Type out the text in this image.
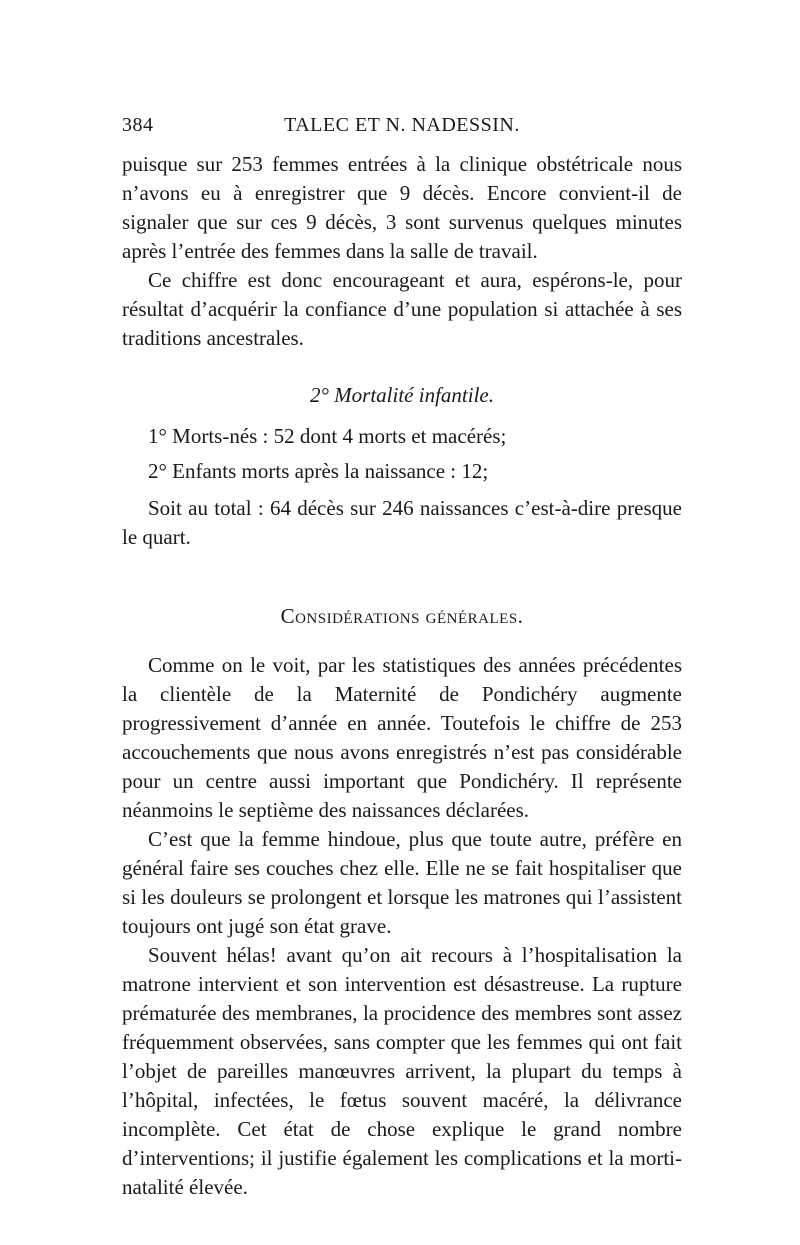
384	TALEC ET N. NADESSIN.

puisque sur 253 femmes entrées à la clinique obstétricale nous n’avons eu à enregistrer que 9 décès. Encore convient-il de signaler que sur ces 9 décès, 3 sont survenus quelques minutes après l’entrée des femmes dans la salle de travail.

Ce chiffre est donc encourageant et aura, espérons-le, pour résultat d’acquérir la confiance d’une population si attachée à ses traditions ancestrales.

2° Mortalité infantile.

1° Morts-nés : 52 dont 4 morts et macérés;

2° Enfants morts après la naissance : 12;

Soit au total : 64 décès sur 246 naissances c’est-à-dire presque le quart.

Considérations générales.

Comme on le voit, par les statistiques des années précédentes la clientèle de la Maternité de Pondichéry augmente progressivement d’année en année. Toutefois le chiffre de 253 accouchements que nous avons enregistrés n’est pas considérable pour un centre aussi important que Pondichéry. Il représente néanmoins le septième des naissances déclarées.

C’est que la femme hindoue, plus que toute autre, préfère en général faire ses couches chez elle. Elle ne se fait hospitaliser que si les douleurs se prolongent et lorsque les matrones qui l’assistent toujours ont jugé son état grave.

Souvent hélas! avant qu’on ait recours à l’hospitalisation la matrone intervient et son intervention est désastreuse. La rupture prématurée des membranes, la procidence des membres sont assez fréquemment observées, sans compter que les femmes qui ont fait l’objet de pareilles manœuvres arrivent, la plupart du temps à l’hôpital, infectées, le fœtus souvent macéré, la délivrance incomplète. Cet état de chose explique le grand nombre d’interventions; il justifie également les complications et la morti-natalité élevée.
